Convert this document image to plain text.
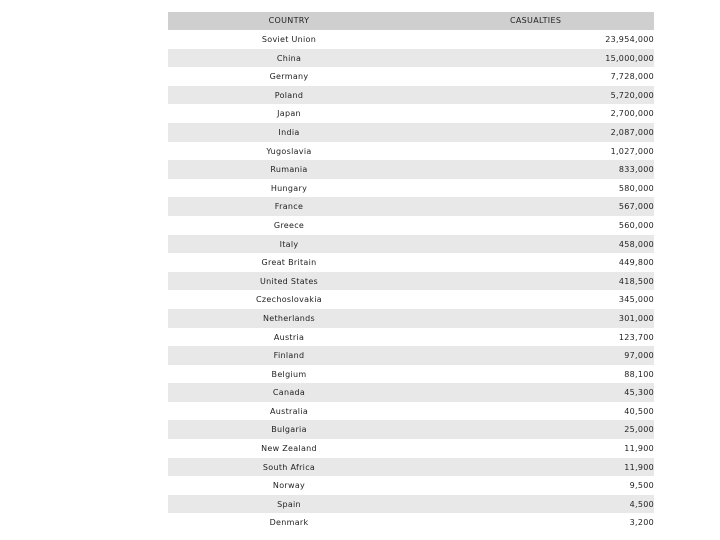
COUNTRY	CASUALTIES
Soviet Union	23,954,000
China	15,000,000
Germany	7,728,000
Poland	5,720,000
Japan	2,700,000
India	2,087,000
Yugoslavia	1,027,000
Rumania	833,000
Hungary	580,000
France	567,000
Greece	560,000
Italy	458,000
Great Britain	449,800
United States	418,500
Czechoslovakia	345,000
Netherlands	301,000
Austria	123,700
Finland	97,000
Belgium	88,100
Canada	45,300
Australia	40,500
Bulgaria	25,000
New Zealand	11,900
South Africa	11,900
Norway	9,500
Spain	4,500
Denmark	3,200
